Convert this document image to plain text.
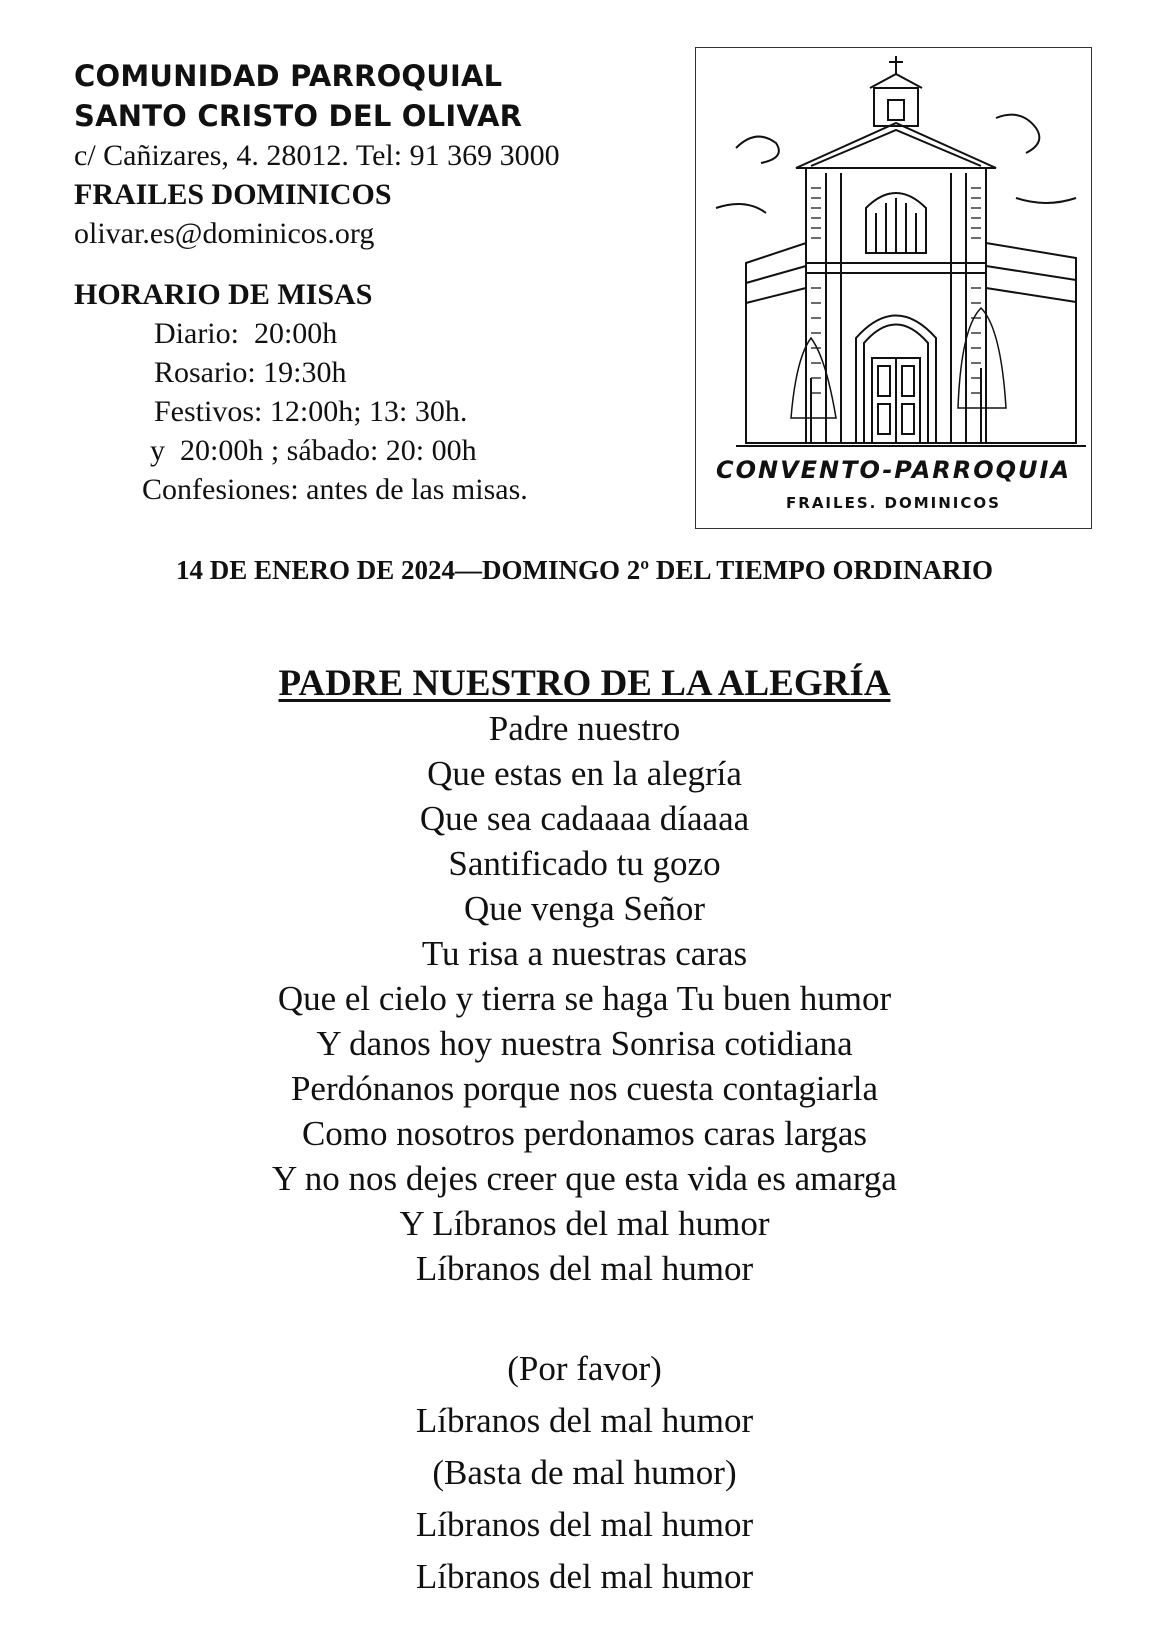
COMUNIDAD PARROQUIAL
SANTO CRISTO DEL OLIVAR
c/ Cañizares, 4. 28012. Tel: 91 369 3000
FRAILES DOMINICOS
olivar.es@dominicos.org
HORARIO DE MISAS
Diario:  20:00h
Rosario: 19:30h
Festivos: 12:00h; 13: 30h.
y  20:00h ; sábado: 20: 00h
Confesiones: antes de las misas.
CONVENTO-PARROQUIA
FRAILES. DOMINICOS
14 DE ENERO DE 2024—DOMINGO 2º DEL TIEMPO ORDINARIO
PADRE NUESTRO DE LA ALEGRÍA
Padre nuestro
Que estas en la alegría
Que sea cadaaaa díaaaa
Santificado tu gozo
Que venga Señor
Tu risa a nuestras caras
Que el cielo y tierra se haga Tu buen humor
Y danos hoy nuestra Sonrisa cotidiana
Perdónanos porque nos cuesta contagiarla
Como nosotros perdonamos caras largas
Y no nos dejes creer que esta vida es amarga
Y Líbranos del mal humor
Líbranos del mal humor
(Por favor)
Líbranos del mal humor
(Basta de mal humor)
Líbranos del mal humor
Líbranos del mal humor
